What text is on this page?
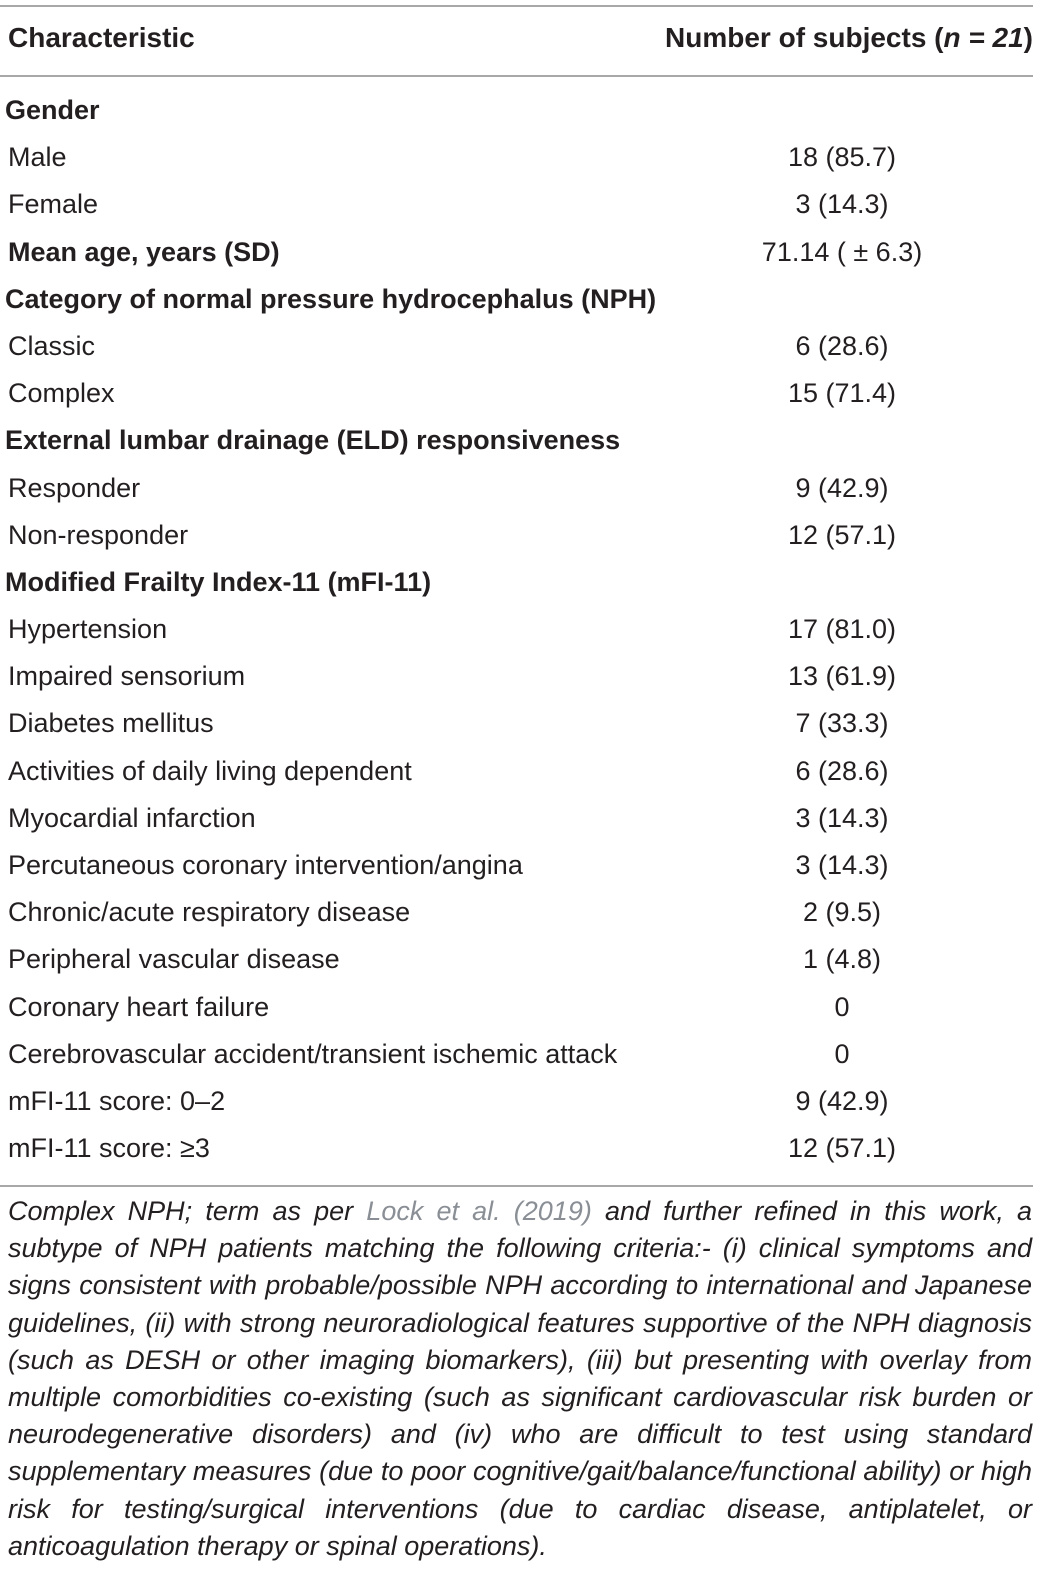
Characteristic	Number of subjects (n = 21)
Gender
Male	18 (85.7)
Female	3 (14.3)
Mean age, years (SD)	71.14 ( ± 6.3)
Category of normal pressure hydrocephalus (NPH)
Classic	6 (28.6)
Complex	15 (71.4)
External lumbar drainage (ELD) responsiveness
Responder	9 (42.9)
Non-responder	12 (57.1)
Modified Frailty Index-11 (mFI-11)
Hypertension	17 (81.0)
Impaired sensorium	13 (61.9)
Diabetes mellitus	7 (33.3)
Activities of daily living dependent	6 (28.6)
Myocardial infarction	3 (14.3)
Percutaneous coronary intervention/angina	3 (14.3)
Chronic/acute respiratory disease	2 (9.5)
Peripheral vascular disease	1 (4.8)
Coronary heart failure	0
Cerebrovascular accident/transient ischemic attack	0
mFI-11 score: 0–2	9 (42.9)
mFI-11 score: ≥3	12 (57.1)
Complex NPH; term as per Lock et al. (2019) and further refined in this work, a subtype of NPH patients matching the following criteria:- (i) clinical symptoms and signs consistent with probable/possible NPH according to international and Japanese guidelines, (ii) with strong neuroradiological features supportive of the NPH diagnosis (such as DESH or other imaging biomarkers), (iii) but presenting with overlay from multiple comorbidities co-existing (such as significant cardiovascular risk burden or neurodegenerative disorders) and (iv) who are difficult to test using standard supplementary measures (due to poor cognitive/gait/balance/functional ability) or high risk for testing/surgical interventions (due to cardiac disease, antiplatelet, or anticoagulation therapy or spinal operations).
